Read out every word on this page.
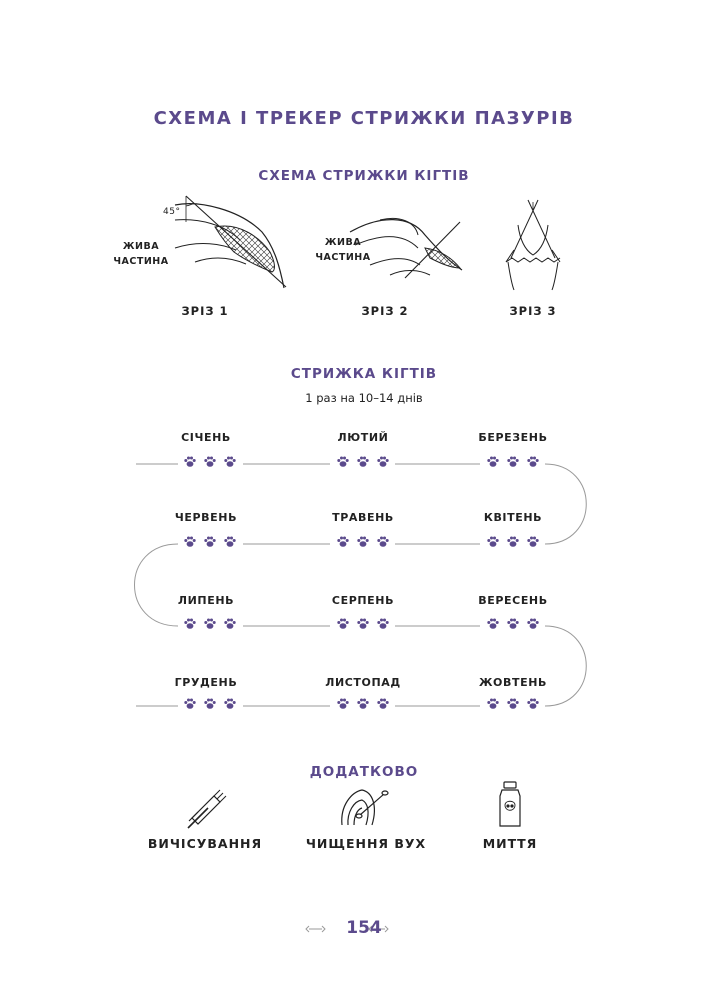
СХЕМА І ТРЕКЕР СТРИЖКИ ПАЗУРІВ
СХЕМА СТРИЖКИ КІГТІВ
45°
ЖИВА
ЧАСТИНА
ЖИВА
ЧАСТИНА
ЗРІЗ 1	ЗРІЗ 2	ЗРІЗ 3
СТРИЖКА КІГТІВ
1 раз на 10–14 днів
СІЧЕНЬ	ЛЮТИЙ	БЕРЕЗЕНЬ
ЧЕРВЕНЬ	ТРАВЕНЬ	КВІТЕНЬ
ЛИПЕНЬ	СЕРПЕНЬ	ВЕРЕСЕНЬ
ГРУДЕНЬ	ЛИСТОПАД	ЖОВТЕНЬ
ДОДАТКОВО
ВИЧІСУВАННЯ	ЧИЩЕННЯ ВУХ	МИТТЯ
154
